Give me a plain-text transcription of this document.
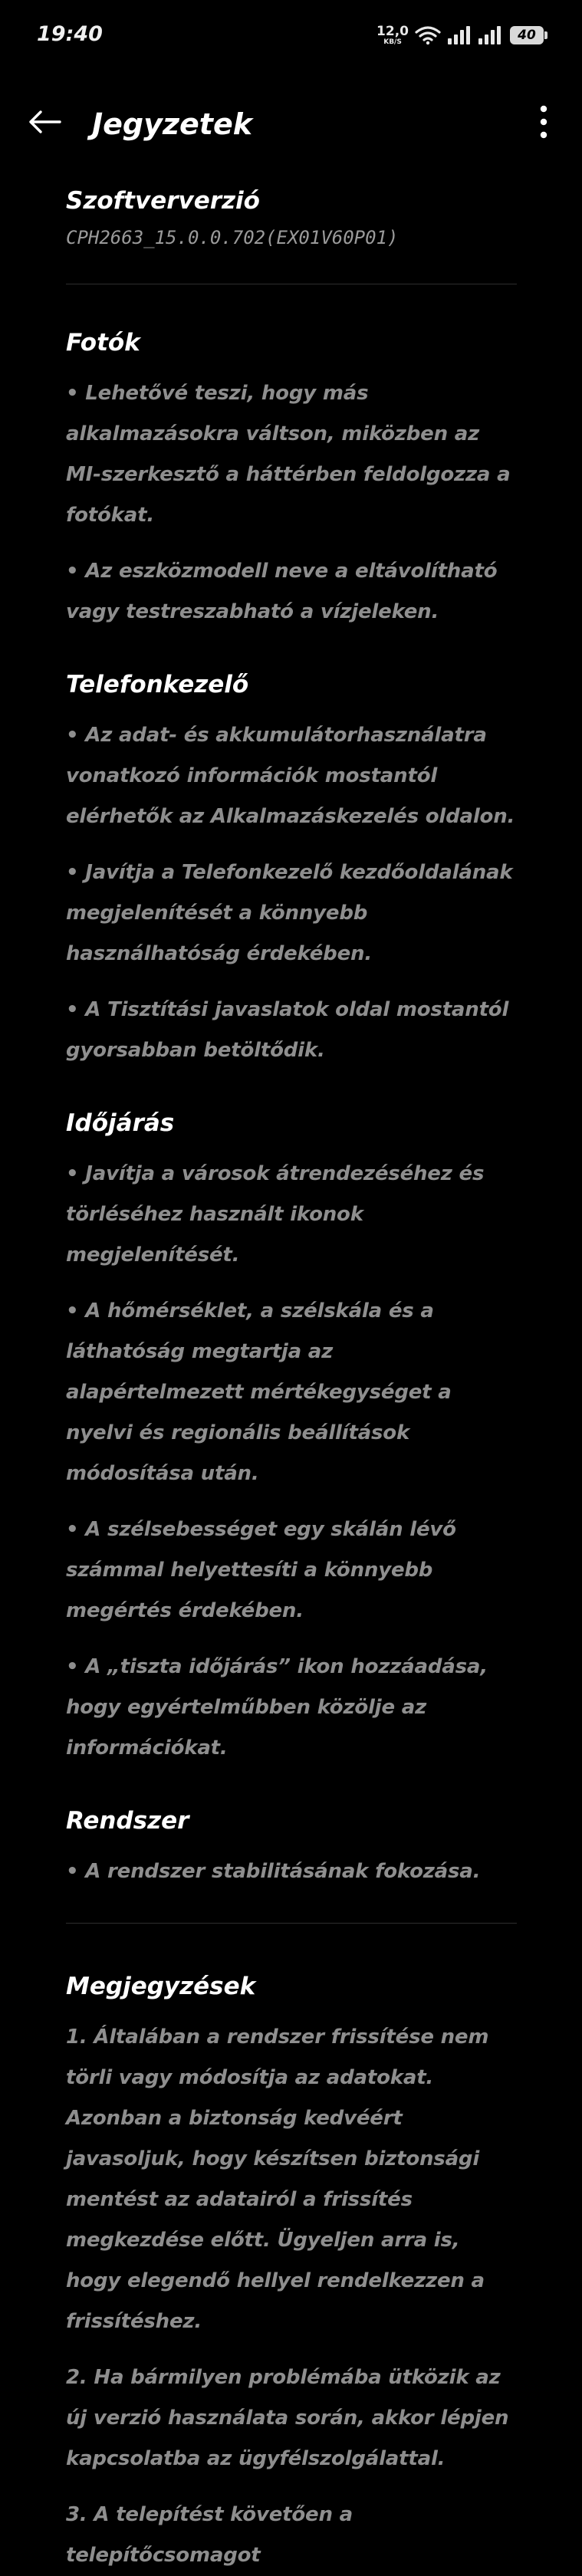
19:40	12,0
KB/S	40
Jegyzetek

Szoftververzió

CPH2663_15.0.0.702(EX01V60P01)

Fotók

• Lehetővé teszi, hogy más alkalmazásokra váltson, miközben az MI-szerkesztő a háttérben feldolgozza a fotókat.

• Az eszközmodell neve a eltávolítható vagy testreszabható a vízjeleken.

Telefonkezelő

• Az adat- és akkumulátorhasználatra vonatkozó információk mostantól elérhetők az Alkalmazáskezelés oldalon.

• Javítja a Telefonkezelő kezdőoldalának megjelenítését a könnyebb használhatóság érdekében.

• A Tisztítási javaslatok oldal mostantól gyorsabban betöltődik.

Időjárás

• Javítja a városok átrendezéséhez és törléséhez használt ikonok megjelenítését.

• A hőmérséklet, a szélskála és a láthatóság megtartja az alapértelmezett mértékegységet a nyelvi és regionális beállítások módosítása után.

• A szélsebességet egy skálán lévő számmal helyettesíti a könnyebb megértés érdekében.

• A „tiszta időjárás” ikon hozzáadása, hogy egyértelműbben közölje az információkat.

Rendszer

• A rendszer stabilitásának fokozása.

Megjegyzések

1. Általában a rendszer frissítése nem törli vagy módosítja az adatokat. Azonban a biztonság kedvéért javasoljuk, hogy készítsen biztonsági mentést az adatairól a frissítés megkezdése előtt. Ügyeljen arra is, hogy elegendő hellyel rendelkezzen a frissítéshez.

2. Ha bármilyen problémába ütközik az új verzió használata során, akkor lépjen kapcsolatba az ügyfélszolgálattal.

3. A telepítést követően a telepítőcsomagot
